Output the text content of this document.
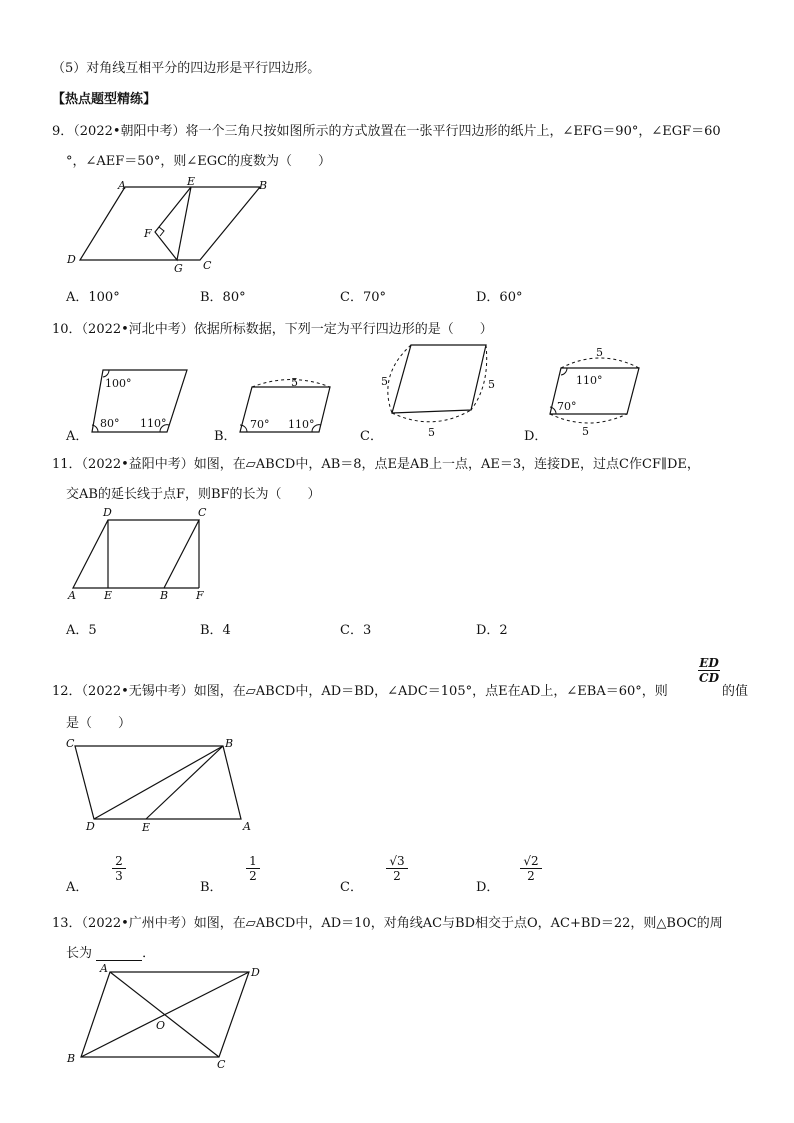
（5）对角线互相平分的四边形是平行四边形。
【热点题型精练】
9．（2022•朝阳中考）将一个三角尺按如图所示的方式放置在一张平行四边形的纸片上，∠EFG＝90°，∠EGF＝60
°，∠AEF＝50°，则∠EGC的度数为（　　）
A	E	B
F
D
G C
A．100°	B．80°	C．70°	D．60°
10．（2022•河北中考）依据所标数据，下列一定为平行四边形的是（　　）
A．
100°
80° 110°
B．
5
70° 110°
C．
5	5
5	D．
5
110°
70°
5
11．（2022•益阳中考）如图，在▱ABCD中，AB＝8，点E是AB上一点，AE＝3，连接DE，过点C作CF∥DE，
交AB的延长线于点F，则BF的长为（　　）
D	C
A	E	B	F
A．5	B．4	C．3	D．2
12．（2022•无锡中考）如图，在▱ABCD中，AD＝BD，∠ADC＝105°，点E在AD上，∠EBA＝60°，则
$\frac{ED}{CD}$
的值
是（　　）
C	B
D	E	A
A．
$\frac{2}{3}$
B．
$\frac{1}{2}$
C．
$\frac{√3}{2}$
D．
$\frac{√2}{2}$
13．（2022•广州中考）如图，在▱ABCD中，AD＝10，对角线AC与BD相交于点O，AC+BD＝22，则△BOC的周
长为	．
A	D
O
B	C
